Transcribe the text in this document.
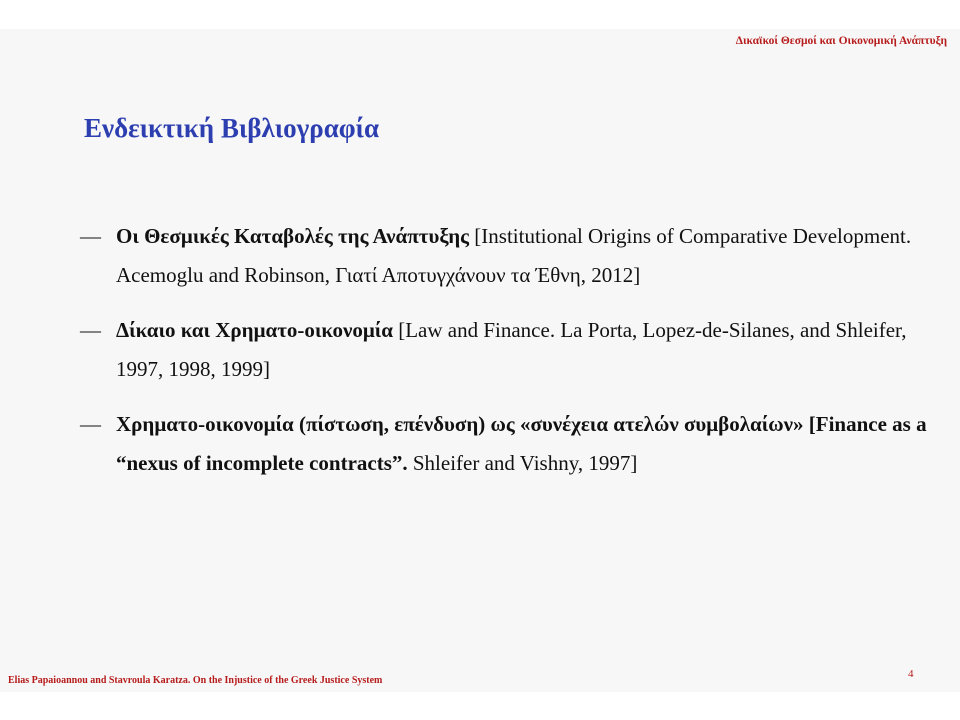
Δικαϊκοί Θεσμοί και Οικονομική Ανάπτυξη
Ενδεικτική Βιβλιογραφία
— Οι Θεσμικές Καταβολές της Ανάπτυξης [Institutional Origins of Comparative Development. Acemoglu and Robinson, Γιατί Αποτυγχάνουν τα Έθνη, 2012]
— Δίκαιο και Χρηματο-οικονομία [Law and Finance. La Porta, Lopez-de-Silanes, and Shleifer, 1997, 1998, 1999]
— Χρηματο-οικονομία (πίστωση, επένδυση) ως «συνέχεια ατελών συμβολαίων» [Finance as a “nexus of incomplete contracts”. Shleifer and Vishny, 1997]
Elias Papaioannou and Stavroula Karatza. On the Injustice of the Greek Justice System
4
